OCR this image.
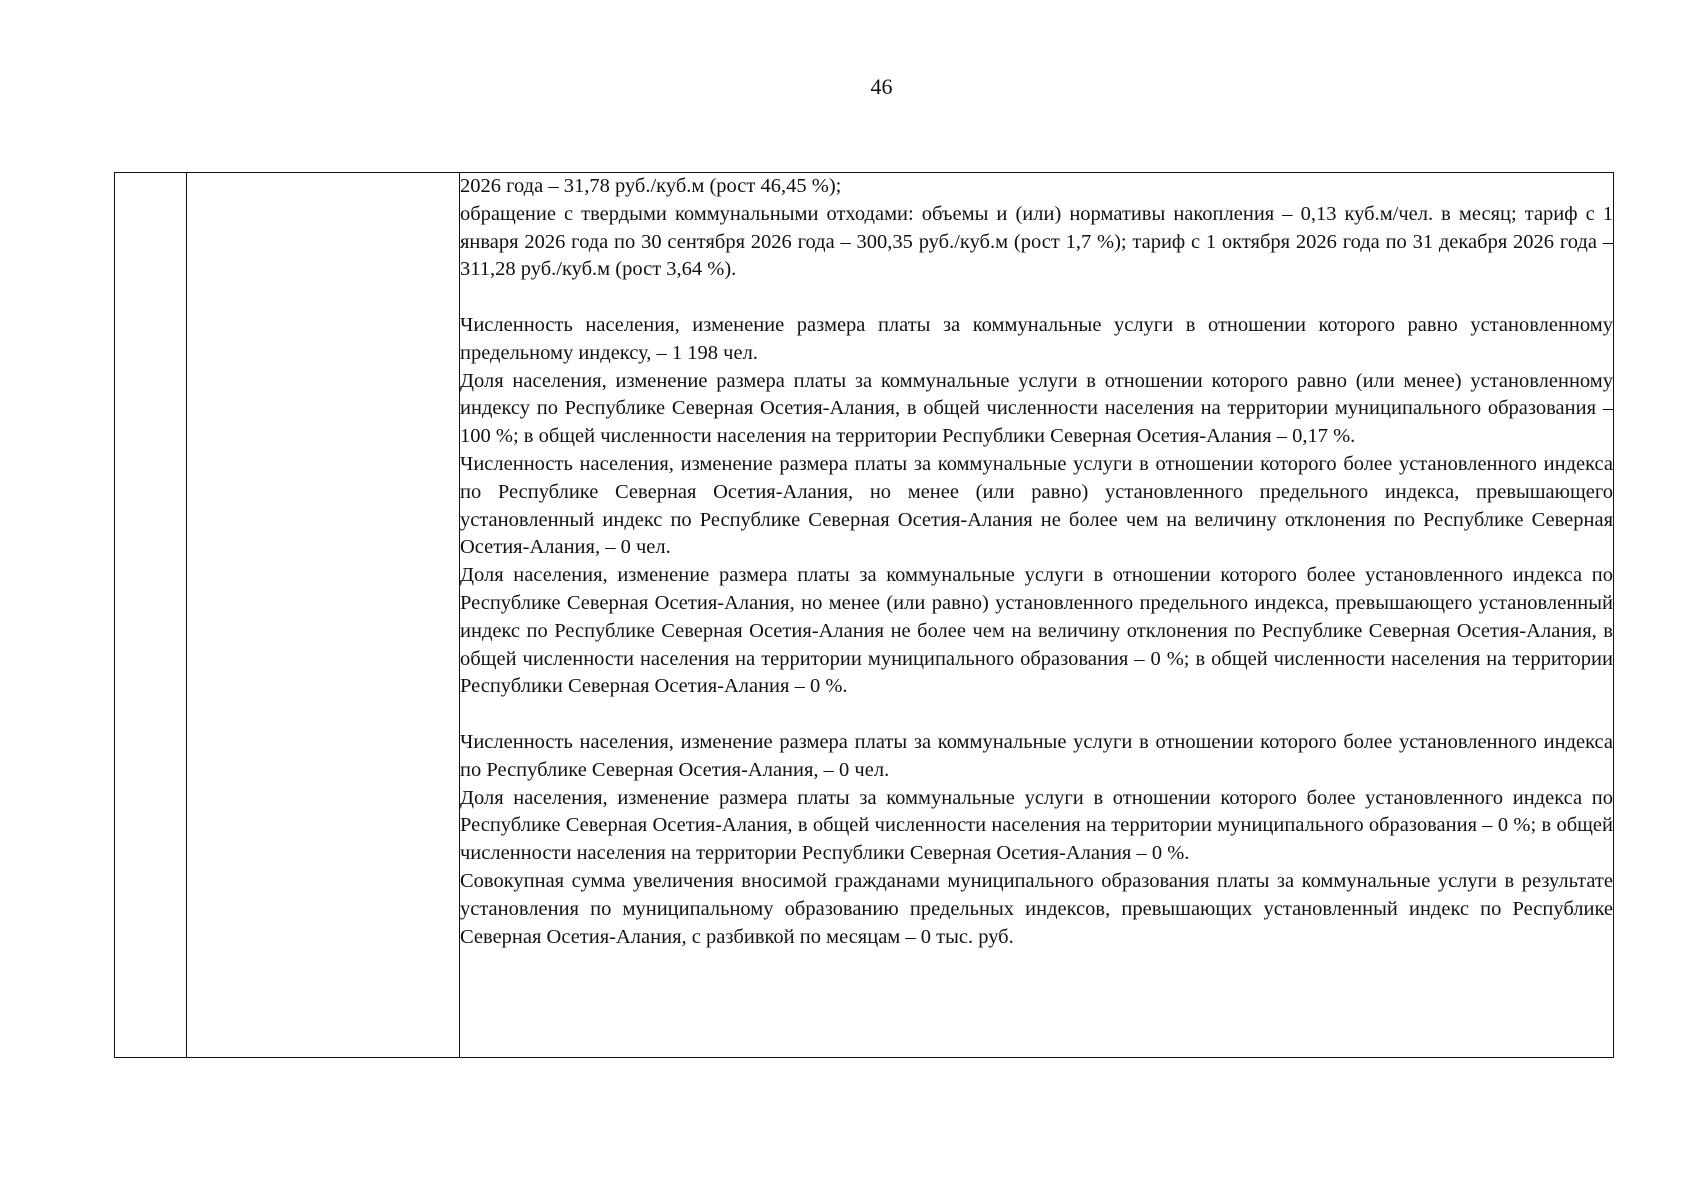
46

2026 года – 31,78 руб./куб.м (рост 46,45 %);

обращение с твердыми коммунальными отходами: объемы и (или) нормативы накопления – 0,13 куб.м/чел. в месяц; тариф с 1 января 2026 года по 30 сентября 2026 года – 300,35 руб./куб.м (рост 1,7 %); тариф с 1 октября 2026 года по 31 декабря 2026 года –311,28 руб./куб.м (рост 3,64 %).

Численность населения, изменение размера платы за коммунальные услуги в отношении которого равно установленному предельному индексу, – 1 198 чел.

Доля населения, изменение размера платы за коммунальные услуги в отношении которого равно (или менее) установленному индексу по Республике Северная Осетия-Алания, в общей численности населения на территории муниципального образования – 100 %; в общей численности населения на территории Республики Северная Осетия-Алания – 0,17 %.

Численность населения, изменение размера платы за коммунальные услуги в отношении которого более установленного индекса по Республике Северная Осетия-Алания, но менее (или равно) установленного предельного индекса, превышающего установленный индекс по Республике Северная Осетия-Алания не более чем на величину отклонения по Республике Северная Осетия-Алания, – 0 чел.

Доля населения, изменение размера платы за коммунальные услуги в отношении которого более установленного индекса по Республике Северная Осетия-Алания, но менее (или равно) установленного предельного индекса, превышающего установленный индекс по Республике Северная Осетия-Алания не более чем на величину отклонения по Республике Северная Осетия-Алания, в общей численности населения на территории муниципального образования – 0 %; в общей численности населения на территории Республики Северная Осетия-Алания – 0 %.

Численность населения, изменение размера платы за коммунальные услуги в отношении которого более установленного индекса по Республике Северная Осетия-Алания, – 0 чел.

Доля населения, изменение размера платы за коммунальные услуги в отношении которого более установленного индекса по Республике Северная Осетия-Алания, в общей численности населения на территории муниципального образования – 0 %; в общей численности населения на территории Республики Северная Осетия-Алания – 0 %.

Совокупная сумма увеличения вносимой гражданами муниципального образования платы за коммунальные услуги в результате установления по муниципальному образованию предельных индексов, превышающих установленный индекс по Республике Северная Осетия-Алания, с разбивкой по месяцам – 0 тыс. руб.
